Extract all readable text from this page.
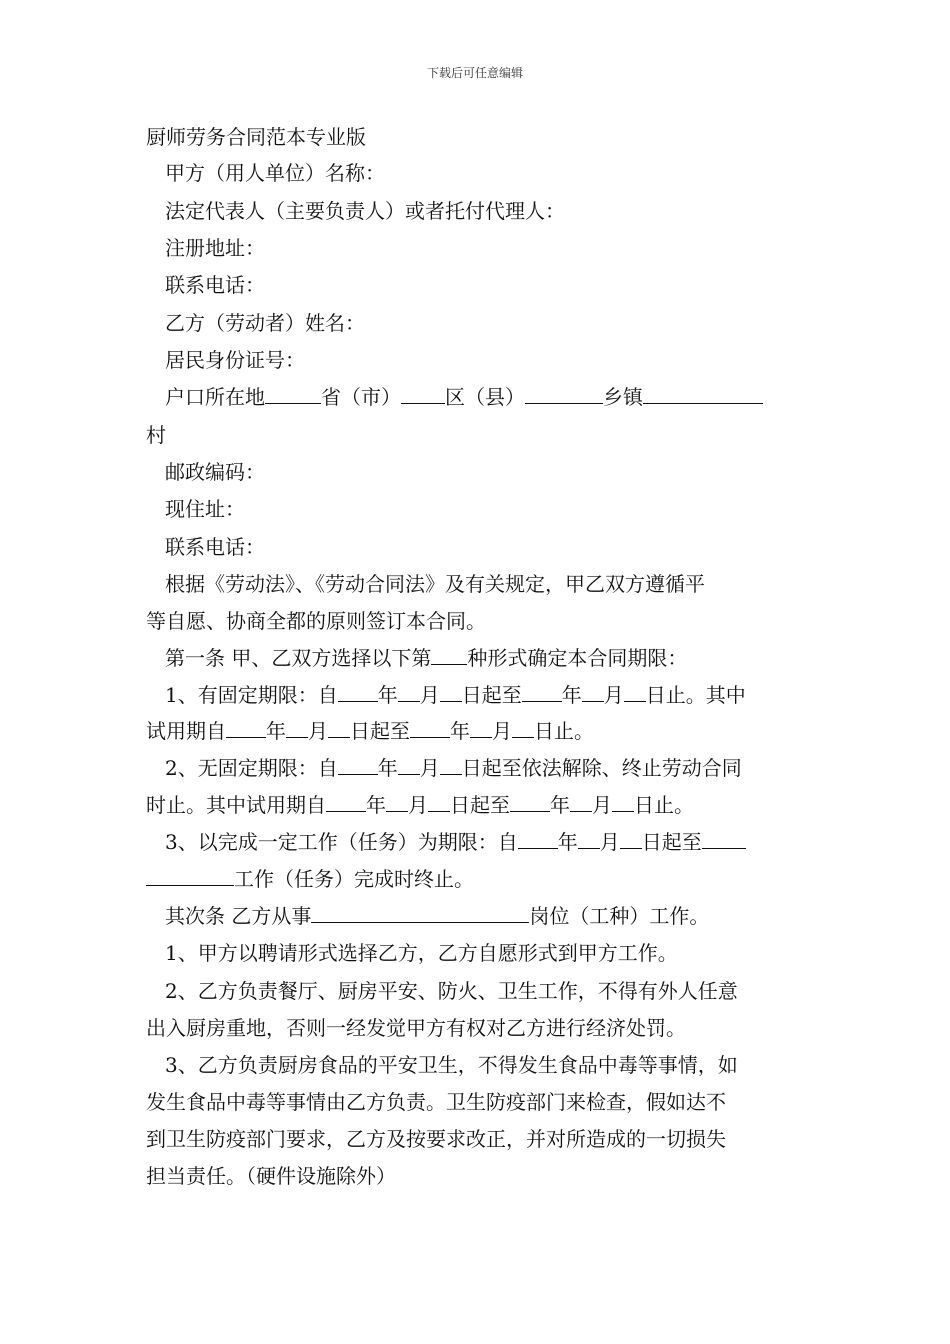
下载后可任意编辑
厨师劳务合同范本专业版
甲方（用人单位）名称：
法定代表人（主要负责人）或者托付代理人：
注册地址：
联系电话：
乙方（劳动者）姓名：
居民身份证号：
户口所在地	省（市） 区（县）	乡镇
村
邮政编码：
现住址：
联系电话：
根据《劳动法》、《劳动合同法》及有关规定，甲乙双方遵循平
等自愿、协商全都的原则签订本合同。
第一条 甲、乙双方选择以下第 种形式确定本合同期限：
1、有固定期限：自 年 月 日起至 年 月 日止。其中
试用期自 年 月 日起至 年 月 日止。
2、无固定期限：自 年 月 日起至依法解除、终止劳动合同
时止。其中试用期自 年 月 日起至 年 月 日止。
3、以完成一定工作（任务）为期限：自 年 月 日起至
工作（任务）完成时终止。
其次条 乙方从事	岗位（工种）工作。
1、甲方以聘请形式选择乙方，乙方自愿形式到甲方工作。
2、乙方负责餐厅、厨房平安、防火、卫生工作，不得有外人任意
出入厨房重地，否则一经发觉甲方有权对乙方进行经济处罚。
3、乙方负责厨房食品的平安卫生，不得发生食品中毒等事情，如
发生食品中毒等事情由乙方负责。卫生防疫部门来检查，假如达不
到卫生防疫部门要求，乙方及按要求改正，并对所造成的一切损失
担当责任。（硬件设施除外）
